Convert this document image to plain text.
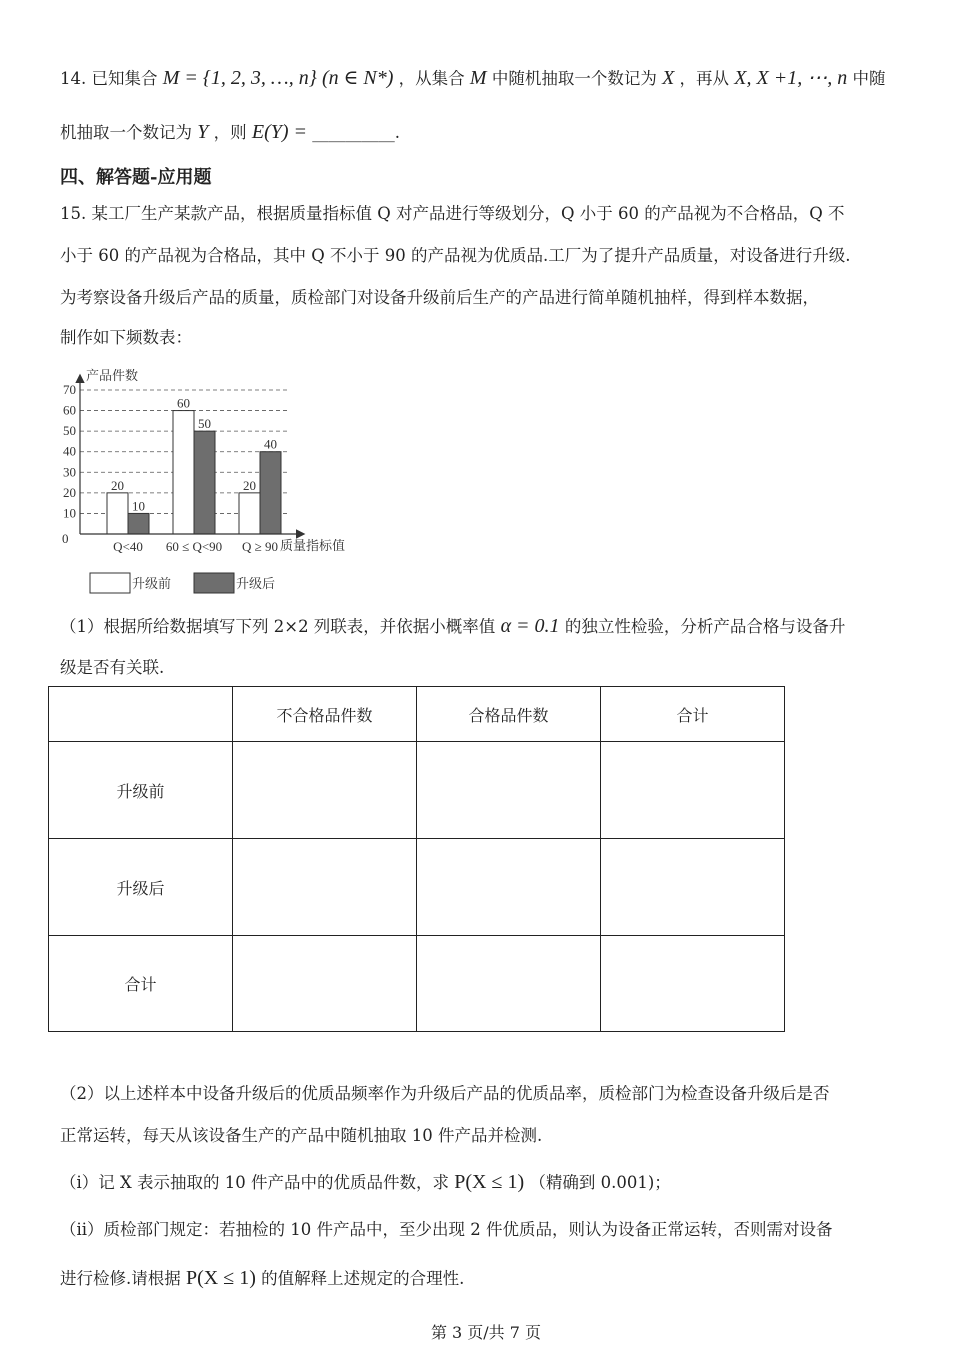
14. 已知集合 M = {1, 2, 3, …, n} (n ∈ N*) ，从集合 M 中随机抽取一个数记为 X ，再从 X, X +1, ⋯, n 中随
机抽取一个数记为 Y ，则 E(Y) = __________.
四、解答题-应用题
15. 某工厂生产某款产品，根据质量指标值 Q 对产品进行等级划分，Q 小于 60 的产品视为不合格品，Q 不
小于 60 的产品视为合格品，其中 Q 不小于 90 的产品视为优质品.工厂为了提升产品质量，对设备进行升级.
为考察设备升级后产品的质量，质检部门对设备升级前后生产的产品进行简单随机抽样，得到样本数据，
制作如下频数表：
10
20
30
40
50
60
70
20
10
Q<40
60
50
60 ≤ Q<90
20
40
Q ≥ 90
产品件数
质量指标值
0
升级前	升级后
（1）根据所给数据填写下列 2×2 列联表，并依据小概率值 α = 0.1 的独立性检验，分析产品合格与设备升
级是否有关联.
	不合格品件数	合格品件数	合计
升级前			
升级后			
合计			
（2）以上述样本中设备升级后的优质品频率作为升级后产品的优质品率，质检部门为检查设备升级后是否
正常运转，每天从该设备生产的产品中随机抽取 10 件产品并检测.
（i）记 X 表示抽取的 10 件产品中的优质品件数，求 P(X ≤ 1) （精确到 0.001)；
（ii）质检部门规定：若抽检的 10 件产品中，至少出现 2 件优质品，则认为设备正常运转，否则需对设备
进行检修.请根据 P(X ≤ 1) 的值解释上述规定的合理性.
第 3 页/共 7 页
